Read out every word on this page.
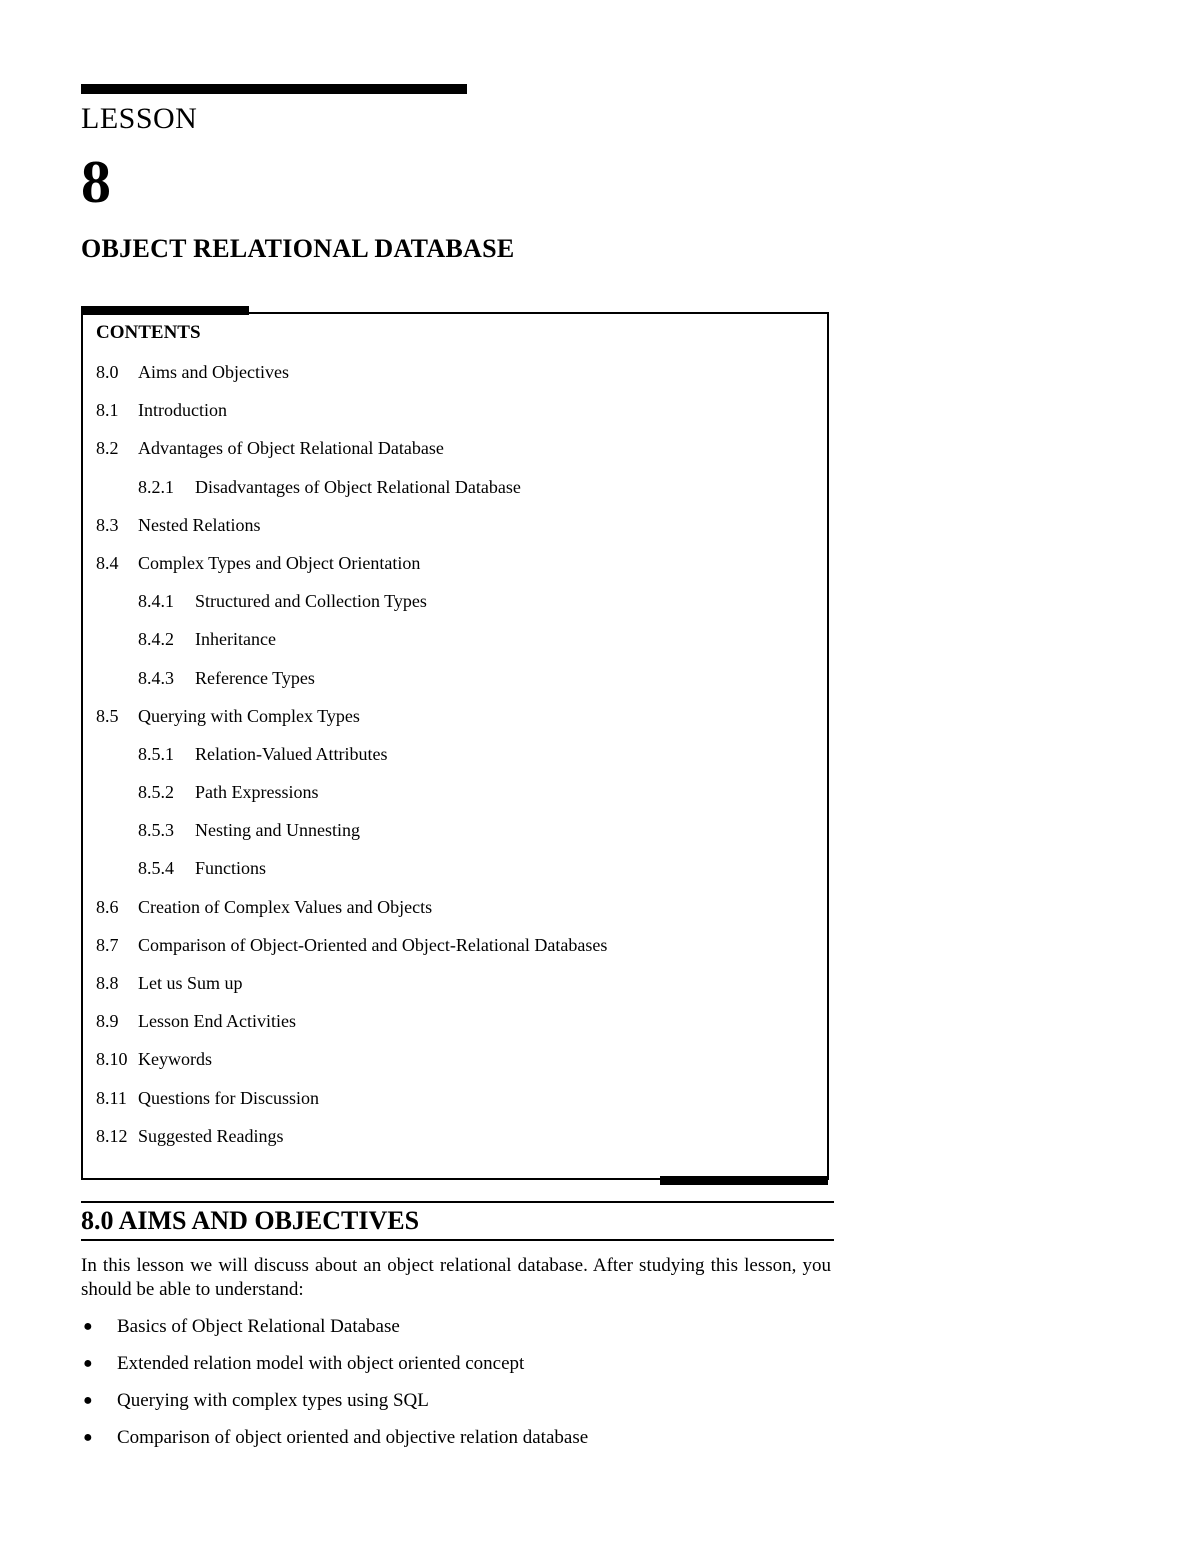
LESSON
8
OBJECT RELATIONAL DATABASE
CONTENTS
8.0	Aims and Objectives
8.1	Introduction
8.2	Advantages of Object Relational Database
8.2.1	Disadvantages of Object Relational Database
8.3	Nested Relations
8.4	Complex Types and Object Orientation
8.4.1	Structured and Collection Types
8.4.2	Inheritance
8.4.3	Reference Types
8.5	Querying with Complex Types
8.5.1	Relation-Valued Attributes
8.5.2	Path Expressions
8.5.3	Nesting and Unnesting
8.5.4	Functions
8.6	Creation of Complex Values and Objects
8.7	Comparison of Object-Oriented and Object-Relational Databases
8.8	Let us Sum up
8.9	Lesson End Activities
8.10 Keywords
8.11 Questions for Discussion
8.12 Suggested Readings
8.0 AIMS AND OBJECTIVES

In this lesson we will discuss about an object relational database. After studying this lesson, you should be able to understand:

●	Basics of Object Relational Database
●	Extended relation model with object oriented concept
●	Querying with complex types using SQL
●	Comparison of object oriented and objective relation database
